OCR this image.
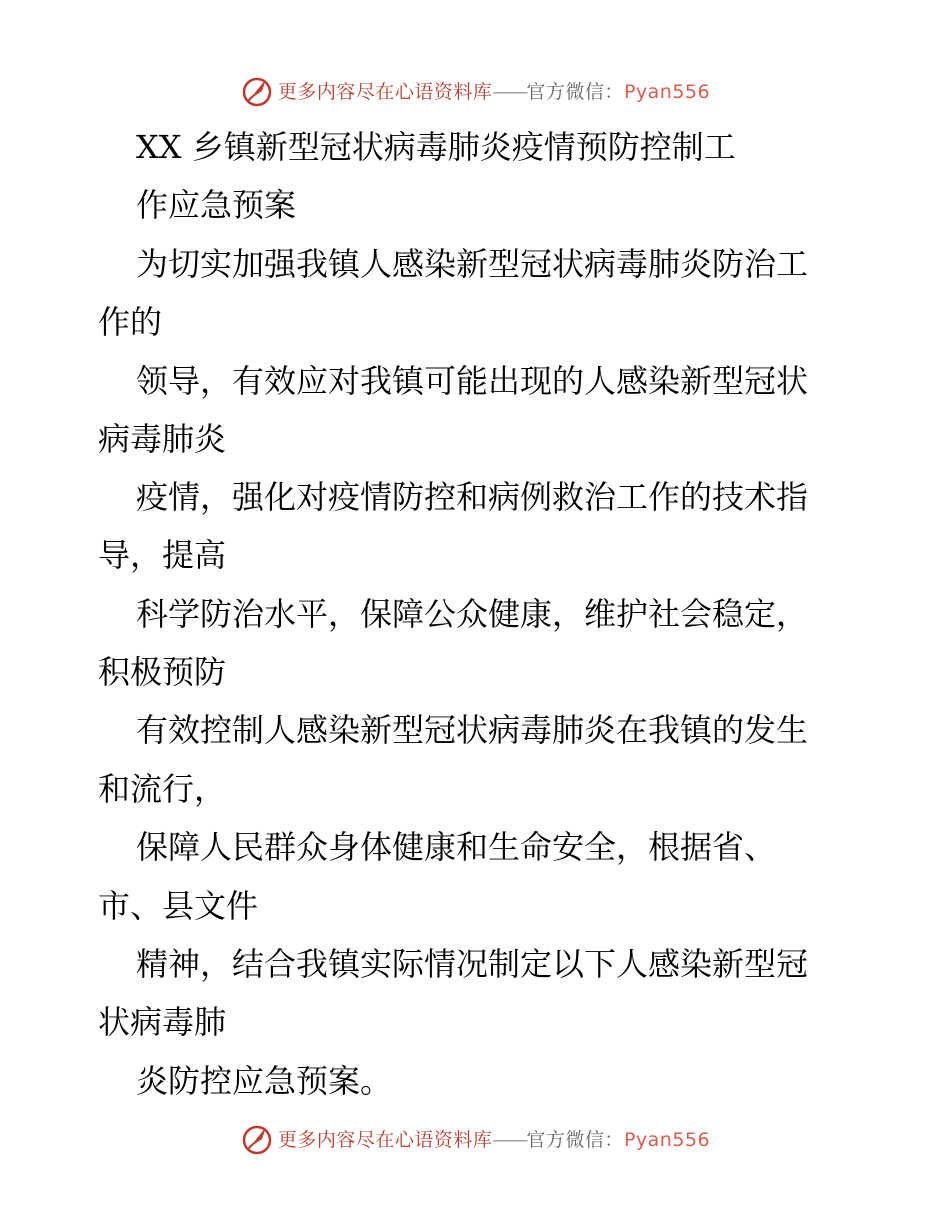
更多内容尽在心语资料库——官方微信：Pyan556
XX 乡镇新型冠状病毒肺炎疫情预防控制工
作应急预案
为切实加强我镇人感染新型冠状病毒肺炎防治工
作的
领导，有效应对我镇可能出现的人感染新型冠状
病毒肺炎
疫情，强化对疫情防控和病例救治工作的技术指
导，提高
科学防治水平，保障公众健康，维护社会稳定，
积极预防
有效控制人感染新型冠状病毒肺炎在我镇的发生
和流行，
保障人民群众身体健康和生命安全，根据省、
市、县文件
精神，结合我镇实际情况制定以下人感染新型冠
状病毒肺
炎防控应急预案。
更多内容尽在心语资料库——官方微信：Pyan556
